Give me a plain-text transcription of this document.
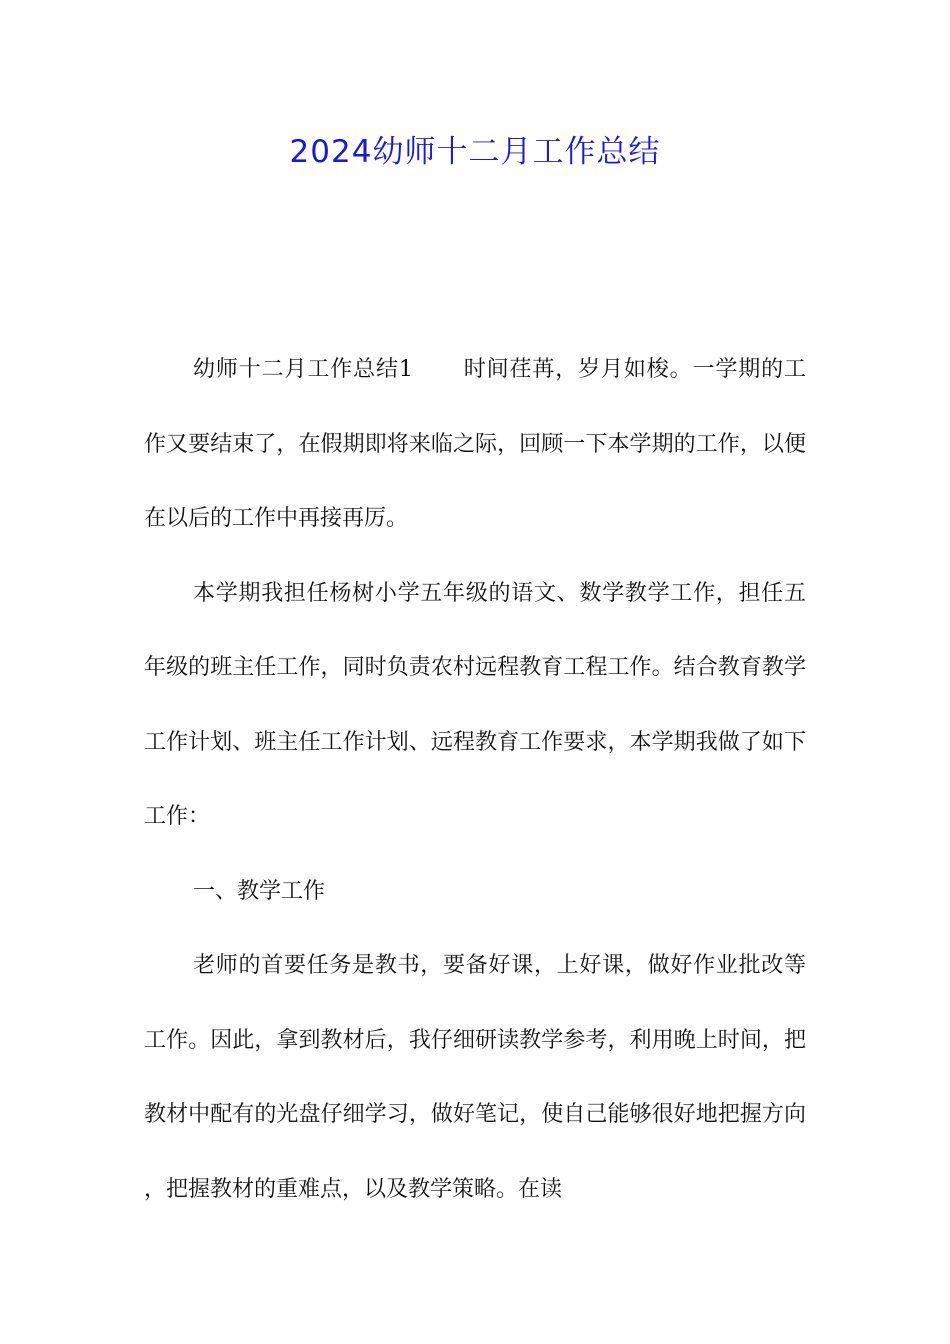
2024幼师十二月工作总结

幼师十二月工作总结1 时间荏苒，岁月如梭。一学期的工作又要结束了，在假期即将来临之际，回顾一下本学期的工作，以便在以后的工作中再接再厉。

本学期我担任杨树小学五年级的语文、数学教学工作，担任五年级的班主任工作，同时负责农村远程教育工程工作。结合教育教学工作计划、班主任工作计划、远程教育工作要求，本学期我做了如下工作：

一、教学工作

老师的首要任务是教书，要备好课，上好课，做好作业批改等工作。因此，拿到教材后，我仔细研读教学参考，利用晚上时间，把教材中配有的光盘仔细学习，做好笔记，使自己能够很好地把握方向，把握教材的重难点，以及教学策略。在读
